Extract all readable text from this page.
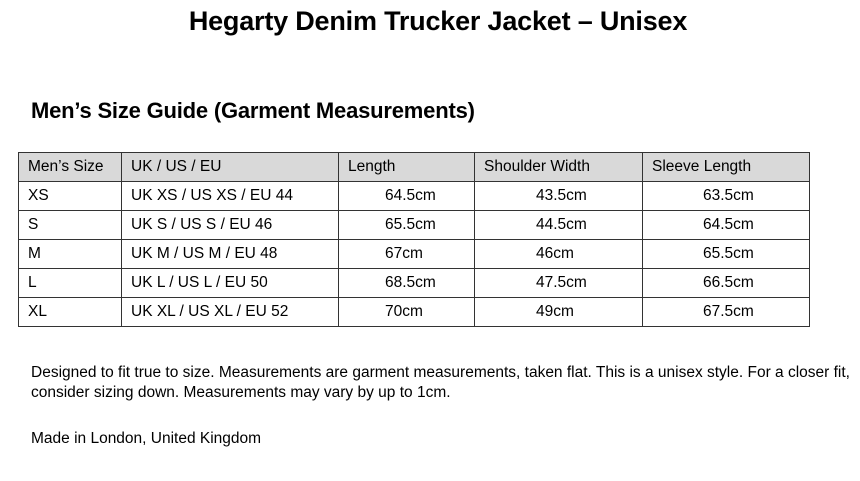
Hegarty Denim Trucker Jacket – Unisex
Men’s Size Guide (Garment Measurements)
Men’s Size	UK / US / EU	Length	Shoulder Width	Sleeve Length
XS	UK XS / US XS / EU 44	64.5cm	43.5cm	63.5cm

S	UK S / US S / EU 46	65.5cm	44.5cm	64.5cm

M	UK M / US M / EU 48	67cm	46cm	65.5cm

L	UK L / US L / EU 50	68.5cm	47.5cm	66.5cm

XL	UK XL / US XL / EU 52	70cm	49cm	67.5cm
Designed to fit true to size. Measurements are garment measurements, taken flat. This is a unisex style. For a closer fit, consider sizing down. Measurements may vary by up to 1cm.
Made in London, United Kingdom
